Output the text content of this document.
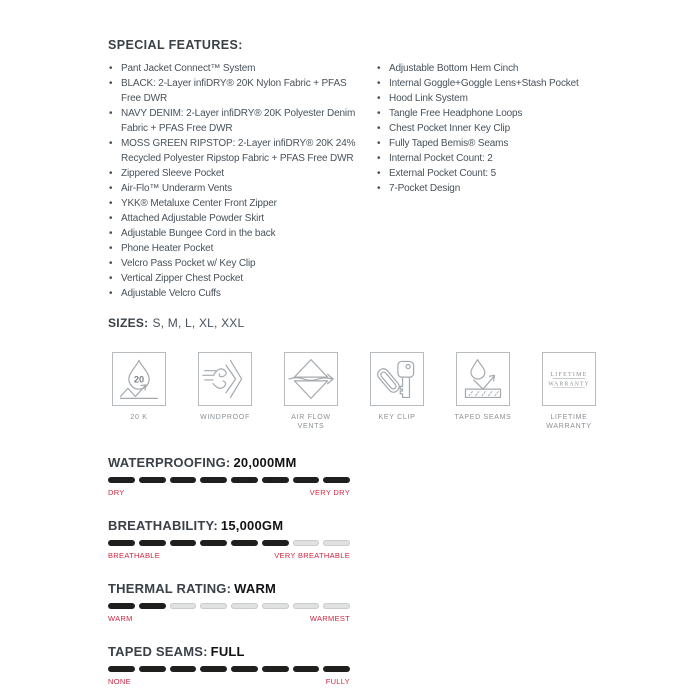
SPECIAL FEATURES:
• Pant Jacket Connect™ System
• BLACK: 2-Layer infiDRY® 20K Nylon Fabric + PFAS Free DWR
• NAVY DENIM: 2-Layer infiDRY® 20K Polyester Denim Fabric + PFAS Free DWR
• MOSS GREEN RIPSTOP: 2-Layer infiDRY® 20K 24% Recycled Polyester Ripstop Fabric + PFAS Free DWR
• Zippered Sleeve Pocket
• Air-Flo™ Underarm Vents
• YKK® Metaluxe Center Front Zipper
• Attached Adjustable Powder Skirt
• Adjustable Bungee Cord in the back
• Phone Heater Pocket
• Velcro Pass Pocket w/ Key Clip
• Vertical Zipper Chest Pocket
• Adjustable Velcro Cuffs
• Adjustable Bottom Hem Cinch
• Internal Goggle+Goggle Lens+Stash Pocket
• Hood Link System
• Tangle Free Headphone Loops
• Chest Pocket Inner Key Clip
• Fully Taped Bemis® Seams
• Internal Pocket Count: 2
• External Pocket Count: 5
• 7-Pocket Design
SIZES: S, M, L, XL, XXL
20
20 K	WINDPROOF	AIR FLOW VENTS
KEY CLIP	TAPED SEAMS
LIFETIME
WARRANTY
LIFETIME WARRANTY
WATERPROOFING: 20,000MM
DRY	VERY DRY
BREATHABILITY: 15,000GM
BREATHABLE	VERY BREATHABLE
THERMAL RATING: WARM
WARM	WARMEST
TAPED SEAMS: FULL
NONE	FULLY
